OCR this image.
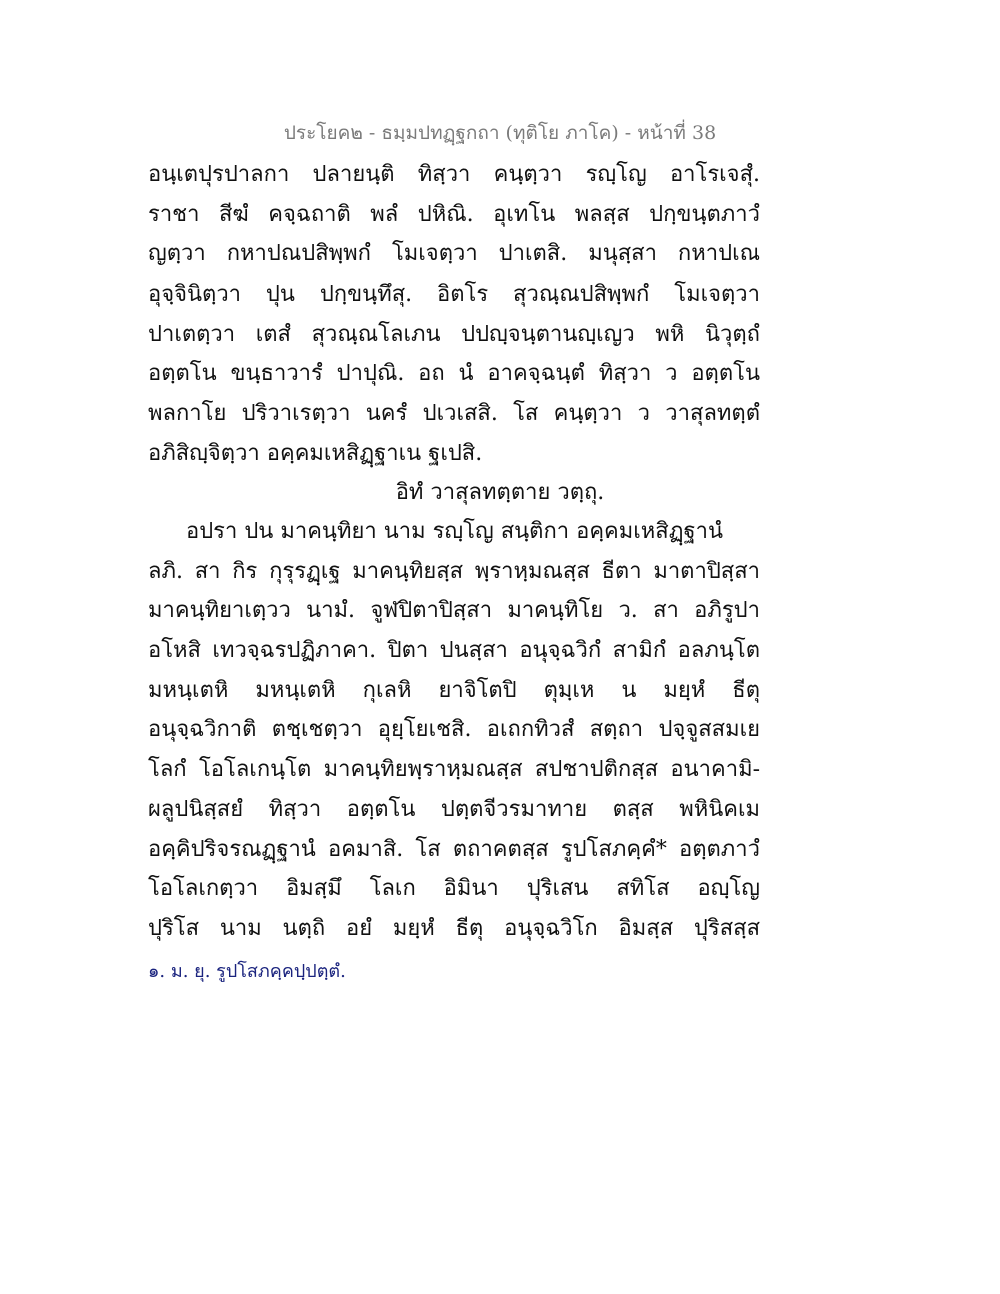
ประโยค๒ - ธมฺมปทฏฺฐกถา (ทุติโย ภาโค) - หน้าที่ 38
อนฺเตปุรปาลกา ปลายนฺติ ทิสฺวา คนฺตฺวา รญฺโญ อาโรเจสุํ.
ราชา สีฆํ คจฺฉถาติ พลํ ปหิณิ. อุเทโน พลสฺส ปกฺขนฺตภาวํ
ญตฺวา กหาปณปสิพฺพกํ โมเจตฺวา ปาเตสิ. มนุสฺสา กหาปเณ
อุจฺจินิตฺวา ปุน ปกฺขนฺทึสุ. อิตโร สุวณฺณปสิพฺพกํ โมเจตฺวา
ปาเตตฺวา เตสํ สุวณฺณโลเภน ปปญฺจนฺตานญฺเญว พหิ นิวุตฺถํ
อตฺตโน ขนฺธาวารํ ปาปุณิ. อถ นํ อาคจฺฉนฺตํ ทิสฺวา ว อตฺตโน
พลกาโย ปริวาเรตฺวา นครํ ปเวเสสิ. โส คนฺตฺวา ว วาสุลทตฺตํ
อภิสิญฺจิตฺวา อคฺคมเหสิฏฺฐาเน ฐเปสิ.
อิทํ วาสุลทตฺตาย วตฺถุ.
อปรา ปน มาคนฺทิยา นาม รญฺโญ สนฺติกา อคฺคมเหสิฏฺฐานํ
ลภิ. สา กิร กุรุรฏฺเฐ มาคนฺทิยสฺส พฺราหฺมณสฺส ธีตา มาตาปิสฺสา
มาคนฺทิยาเตฺวว นามํ. จูฬปิตาปิสฺสา มาคนฺทิโย ว. สา อภิรูปา
อโหสิ เทวจฺฉรปฏิภาคา. ปิตา ปนสฺสา อนุจฺฉวิกํ สามิกํ อลภนฺโต
มหนฺเตหิ มหนฺเตหิ กุเลหิ ยาจิโตปิ ตุมฺเห น มยฺหํ ธีตุ
อนุจฺฉวิกาติ ตชฺเชตฺวา อุยฺโยเชสิ. อเถกทิวสํ สตฺถา ปจฺจูสสมเย
โลกํ โอโลเกนฺโต มาคนฺทิยพฺราหฺมณสฺส สปชาปติกสฺส อนาคามิ-
ผลูปนิสฺสยํ ทิสฺวา อตฺตโน ปตฺตจีวรมาทาย ตสฺส พหินิคเม
อคฺคิปริจรณฏฺฐานํ อคมาสิ. โส ตถาคตสฺส รูปโสภคฺคํ* อตฺตภาวํ
โอโลเกตฺวา อิมสฺมึ โลเก อิมินา ปุริเสน สทิโส อญฺโญ
ปุริโส นาม นตฺถิ อยํ มยฺหํ ธีตุ อนุจฺฉวิโก อิมสฺส ปุริสสฺส
๑. ม. ยุ. รูปโสภคฺคปฺปตฺตํ.
